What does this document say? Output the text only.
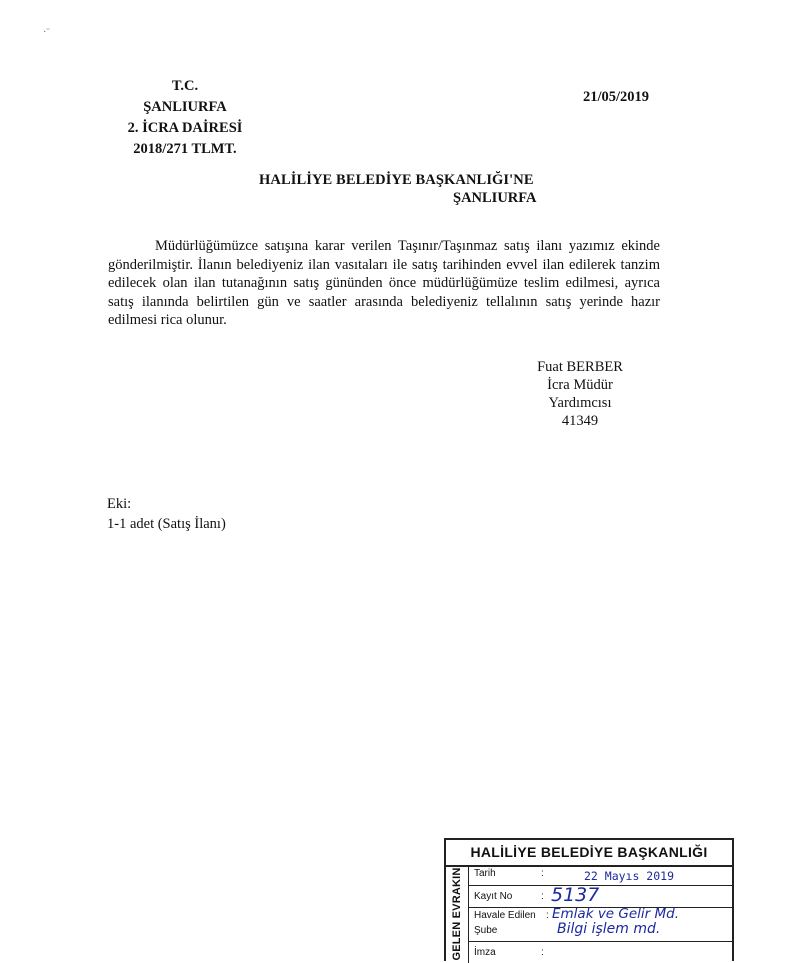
·¨
T.C.
ŞANLIURFA
2. İCRA DAİRESİ
2018/271 TLMT.
21/05/2019
HALİLİYE BELEDİYE BAŞKANLIĞI'NE
ŞANLIURFA
Müdürlüğümüzce satışına karar verilen Taşınır/Taşınmaz satış ilanı yazımız ekinde gönderilmiştir. İlanın belediyeniz ilan vasıtaları ile satış tarihinden evvel ilan edilerek tanzim edilecek olan ilan tutanağının satış gününden önce müdürlüğümüze teslim edilmesi, ayrıca satış ilanında belirtilen gün ve saatler arasında belediyeniz tellalının satış yerinde hazır edilmesi rica olunur.
Fuat BERBER
İcra Müdür Yardımcısı
41349
Eki:
1-1 adet (Satış İlanı)
HALİLİYE BELEDİYE BAŞKANLIĞI
GELEN EVRAKIN Tarih	:	22 Mayıs 2019
Kayıt No	: 5137
Havale Edilen : Emlak ve Gelir Md.
Şube	Bilgi işlem md.
İmza	:
